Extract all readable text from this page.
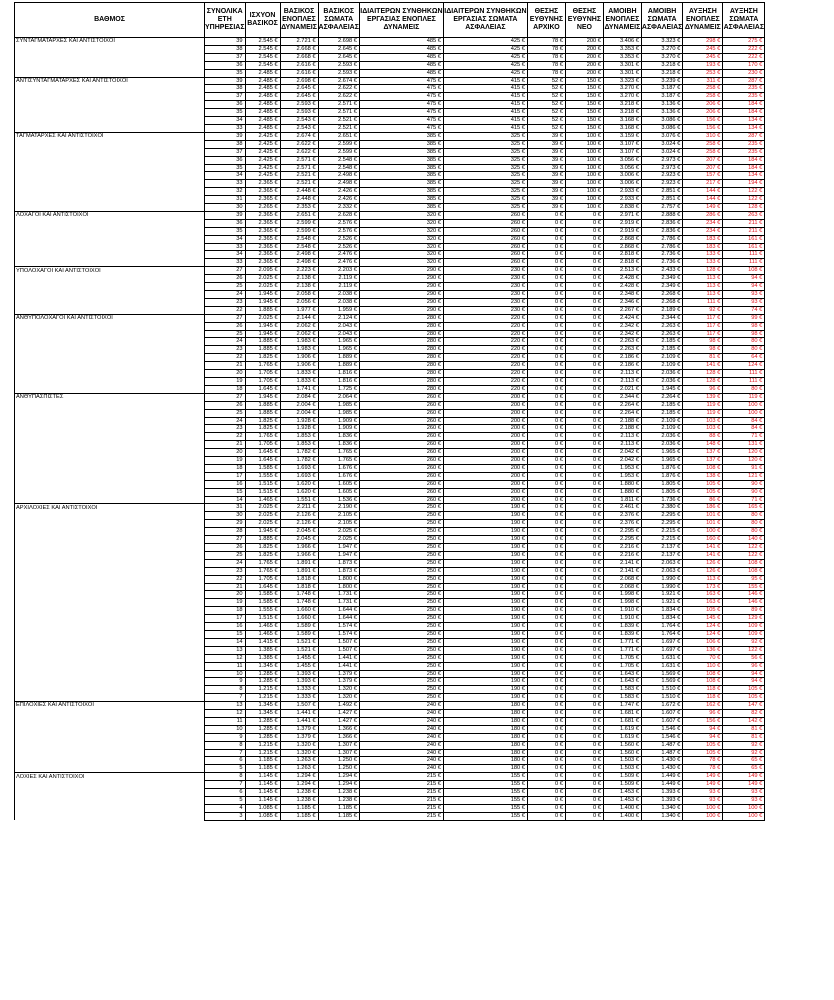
ΒΑΘΜΟΣ	ΣΥΝΟΛΙΚΑ ΕΤΗ ΥΠΗΡΕΣΙΑΣ	ΙΣΧΥΟΝ ΒΑΣΙΚΟΣ	ΒΑΣΙΚΟΣ ΕΝΟΠΛΕΣ ΔΥΝΑΜΕΙΣ	ΒΑΣΙΚΟΣ ΣΩΜΑΤΑ ΑΣΦΑΛΕΙΑΣ	ΙΔΙΑΙΤΕΡΩΝ ΣΥΝΘΗΚΩΝ ΕΡΓΑΣΙΑΣ ΕΝΟΠΛΕΣ ΔΥΝΑΜΕΙΣ	ΙΔΙΑΙΤΕΡΩΝ ΣΥΝΘΗΚΩΝ ΕΡΓΑΣΙΑΣ ΣΩΜΑΤΑ ΑΣΦΑΛΕΙΑΣ	ΘΕΣΗΣ ΕΥΘΥΝΗΣ ΑΡΧΙΚΟ	ΘΕΣΗΣ ΕΥΘΥΝΗΣ ΝΕΟ	ΑΜΟΙΒΗ ΕΝΟΠΛΕΣ ΔΥΝΑΜΕΙΣ	ΑΜΟΙΒΗ ΣΩΜΑΤΑ ΑΣΦΑΛΕΙΑΣ	ΑΥΞΗΣΗ ΕΝΟΠΛΕΣ ΔΥΝΑΜΕΙΣ	ΑΥΞΗΣΗ ΣΩΜΑΤΑ ΑΣΦΑΛΕΙΑΣ
ΣΥΝΤΑΓΜΑΤΑΡΧΕΣ ΚΑΙ ΑΝΤΙΣΤΟΙΧΟΙ	39	2.545 €	2.721 €	2.698 €	485 €	425 €	78 €	200 €	3.406 €	3.323 €	298 €	275 €
	38	2.545 €	2.668 €	2.645 €	485 €	425 €	78 €	200 €	3.353 €	3.270 €	245 €	222 €
	37	2.545 €	2.668 €	2.645 €	485 €	425 €	78 €	200 €	3.353 €	3.270 €	245 €	222 €
	36	2.545 €	2.616 €	2.593 €	485 €	425 €	78 €	200 €	3.301 €	3.218 €	193 €	170 €
	35	2.485 €	2.616 €	2.593 €	485 €	425 €	78 €	200 €	3.301 €	3.218 €	253 €	230 €
ΑΝΤΙΣΥΝΤΑΓΜΑΤΑΡΧΕΣ ΚΑΙ ΑΝΤΙΣΤΟΙΧΟΙ	39	2.485 €	2.698 €	2.674 €	475 €	415 €	52 €	150 €	3.323 €	3.239 €	311 €	287 €
	38	2.485 €	2.645 €	2.622 €	475 €	415 €	52 €	150 €	3.270 €	3.187 €	258 €	235 €
	37	2.485 €	2.645 €	2.622 €	475 €	415 €	52 €	150 €	3.270 €	3.187 €	258 €	235 €
	36	2.485 €	2.593 €	2.571 €	475 €	415 €	52 €	150 €	3.218 €	3.136 €	206 €	184 €
	35	2.485 €	2.593 €	2.571 €	475 €	415 €	52 €	150 €	3.218 €	3.136 €	206 €	184 €
	34	2.485 €	2.543 €	2.521 €	475 €	415 €	52 €	150 €	3.168 €	3.086 €	156 €	134 €
	33	2.485 €	2.543 €	2.521 €	475 €	415 €	52 €	150 €	3.168 €	3.086 €	156 €	134 €
ΤΑΓΜΑΤΑΡΧΕΣ ΚΑΙ ΑΝΤΙΣΤΟΙΧΟΙ	39	2.425 €	2.674 €	2.651 €	385 €	325 €	39 €	100 €	3.159 €	3.076 €	310 €	287 €
	38	2.425 €	2.622 €	2.599 €	385 €	325 €	39 €	100 €	3.107 €	3.024 €	258 €	235 €
	37	2.425 €	2.622 €	2.599 €	385 €	325 €	39 €	100 €	3.107 €	3.024 €	258 €	235 €
	36	2.425 €	2.571 €	2.548 €	385 €	325 €	39 €	100 €	3.056 €	2.973 €	207 €	184 €
	35	2.425 €	2.571 €	2.548 €	385 €	325 €	39 €	100 €	3.056 €	2.973 €	207 €	184 €
	34	2.425 €	2.521 €	2.498 €	385 €	325 €	39 €	100 €	3.006 €	2.923 €	157 €	134 €
	33	2.365 €	2.521 €	2.498 €	385 €	325 €	39 €	100 €	3.006 €	2.923 €	217 €	194 €
	32	2.365 €	2.448 €	2.426 €	385 €	325 €	39 €	100 €	2.933 €	2.851 €	144 €	122 €
	31	2.365 €	2.448 €	2.426 €	385 €	325 €	39 €	100 €	2.933 €	2.851 €	144 €	122 €
	30	2.265 €	2.353 €	2.332 €	385 €	325 €	39 €	100 €	2.838 €	2.757 €	149 €	128 €
ΛΟΧΑΓΟΙ ΚΑΙ ΑΝΤΙΣΤΟΙΧΟΙ	39	2.365 €	2.651 €	2.628 €	320 €	260 €	0 €	0 €	2.971 €	2.888 €	286 €	263 €
	36	2.365 €	2.599 €	2.576 €	320 €	260 €	0 €	0 €	2.919 €	2.836 €	234 €	211 €
	35	2.365 €	2.599 €	2.576 €	320 €	260 €	0 €	0 €	2.919 €	2.836 €	234 €	211 €
	34	2.365 €	2.548 €	2.526 €	320 €	260 €	0 €	0 €	2.868 €	2.786 €	183 €	161 €
	33	2.365 €	2.548 €	2.526 €	320 €	260 €	0 €	0 €	2.868 €	2.786 €	183 €	161 €
	34	2.365 €	2.498 €	2.476 €	320 €	260 €	0 €	0 €	2.818 €	2.736 €	133 €	111 €
	33	2.365 €	2.498 €	2.476 €	320 €	260 €	0 €	0 €	2.818 €	2.736 €	133 €	111 €
ΥΠΟΛΟΧΑΓΟΙ ΚΑΙ ΑΝΤΙΣΤΟΙΧΟΙ	27	2.095 €	2.223 €	2.203 €	290 €	230 €	0 €	0 €	2.513 €	2.433 €	128 €	108 €
	26	2.025 €	2.138 €	2.119 €	290 €	230 €	0 €	0 €	2.428 €	2.349 €	113 €	94 €
	25	2.025 €	2.138 €	2.119 €	290 €	230 €	0 €	0 €	2.428 €	2.349 €	113 €	94 €
	24	1.945 €	2.058 €	2.038 €	290 €	230 €	0 €	0 €	2.348 €	2.268 €	113 €	93 €
	23	1.945 €	2.056 €	2.038 €	290 €	230 €	0 €	0 €	2.346 €	2.268 €	111 €	93 €
	22	1.885 €	1.977 €	1.959 €	290 €	230 €	0 €	0 €	2.267 €	2.189 €	92 €	74 €
ΑΝΘΥΠΟΛΟΧΑΓΟΙ ΚΑΙ ΑΝΤΙΣΤΟΙΧΟΙ	27	2.025 €	2.144 €	2.124 €	280 €	220 €	0 €	0 €	2.424 €	2.344 €	117 €	99 €
	26	1.945 €	2.062 €	2.043 €	280 €	220 €	0 €	0 €	2.342 €	2.263 €	117 €	98 €
	25	1.945 €	2.062 €	2.043 €	280 €	220 €	0 €	0 €	2.342 €	2.263 €	117 €	98 €
	24	1.885 €	1.983 €	1.965 €	280 €	220 €	0 €	0 €	2.263 €	2.185 €	98 €	80 €
	23	1.885 €	1.983 €	1.965 €	280 €	220 €	0 €	0 €	2.263 €	2.185 €	98 €	80 €
	22	1.825 €	1.906 €	1.889 €	280 €	220 €	0 €	0 €	2.186 €	2.109 €	81 €	64 €
	21	1.765 €	1.906 €	1.889 €	280 €	220 €	0 €	0 €	2.186 €	2.109 €	141 €	124 €
	20	1.705 €	1.833 €	1.816 €	280 €	220 €	0 €	0 €	2.113 €	2.036 €	128 €	111 €
	19	1.705 €	1.833 €	1.816 €	280 €	220 €	0 €	0 €	2.113 €	2.036 €	128 €	111 €
	18	1.645 €	1.741 €	1.725 €	280 €	220 €	0 €	0 €	2.021 €	1.945 €	96 €	80 €
ΑΝΘΥΠΑΣΠΙΣΤΕΣ	27	1.945 €	2.084 €	2.064 €	260 €	200 €	0 €	0 €	2.344 €	2.264 €	139 €	119 €
	26	1.885 €	2.004 €	1.985 €	260 €	200 €	0 €	0 €	2.264 €	2.185 €	119 €	100 €
	25	1.885 €	2.004 €	1.985 €	260 €	200 €	0 €	0 €	2.264 €	2.185 €	119 €	100 €
	24	1.825 €	1.928 €	1.909 €	260 €	200 €	0 €	0 €	2.188 €	2.109 €	103 €	84 €
	23	1.825 €	1.928 €	1.909 €	260 €	200 €	0 €	0 €	2.188 €	2.109 €	103 €	84 €
	22	1.765 €	1.853 €	1.836 €	260 €	200 €	0 €	0 €	2.113 €	2.036 €	88 €	71 €
	21	1.705 €	1.853 €	1.836 €	260 €	200 €	0 €	0 €	2.113 €	2.036 €	148 €	131 €
	20	1.645 €	1.782 €	1.765 €	260 €	200 €	0 €	0 €	2.042 €	1.965 €	137 €	120 €
	19	1.645 €	1.782 €	1.765 €	260 €	200 €	0 €	0 €	2.042 €	1.965 €	137 €	120 €
	18	1.585 €	1.693 €	1.676 €	260 €	200 €	0 €	0 €	1.953 €	1.876 €	108 €	91 €
	17	1.555 €	1.693 €	1.676 €	260 €	200 €	0 €	0 €	1.953 €	1.876 €	138 €	121 €
	16	1.515 €	1.620 €	1.605 €	260 €	200 €	0 €	0 €	1.880 €	1.805 €	105 €	90 €
	15	1.515 €	1.620 €	1.605 €	260 €	200 €	0 €	0 €	1.880 €	1.805 €	105 €	90 €
	14	1.465 €	1.551 €	1.536 €	260 €	200 €	0 €	0 €	1.811 €	1.736 €	86 €	71 €
ΑΡΧΙΛΟΧΙΕΣ ΚΑΙ ΑΝΤΙΣΤΟΙΧΟΙ	31	2.025 €	2.211 €	2.190 €	250 €	190 €	0 €	0 €	2.461 €	2.380 €	186 €	165 €
	30	2.025 €	2.126 €	2.105 €	250 €	190 €	0 €	0 €	2.376 €	2.295 €	101 €	80 €
	29	2.025 €	2.126 €	2.105 €	250 €	190 €	0 €	0 €	2.376 €	2.295 €	101 €	80 €
	28	1.945 €	2.045 €	2.025 €	250 €	190 €	0 €	0 €	2.295 €	2.215 €	100 €	80 €
	27	1.885 €	2.045 €	2.025 €	250 €	190 €	0 €	0 €	2.295 €	2.215 €	160 €	140 €
	26	1.825 €	1.966 €	1.947 €	250 €	190 €	0 €	0 €	2.216 €	2.137 €	141 €	122 €
	25	1.825 €	1.966 €	1.947 €	250 €	190 €	0 €	0 €	2.216 €	2.137 €	141 €	122 €
	24	1.765 €	1.891 €	1.873 €	250 €	190 €	0 €	0 €	2.141 €	2.063 €	126 €	108 €
	23	1.765 €	1.891 €	1.873 €	250 €	190 €	0 €	0 €	2.141 €	2.063 €	126 €	108 €
	22	1.705 €	1.818 €	1.800 €	250 €	190 €	0 €	0 €	2.068 €	1.990 €	113 €	95 €
	21	1.645 €	1.818 €	1.800 €	250 €	190 €	0 €	0 €	2.068 €	1.990 €	173 €	155 €
	20	1.585 €	1.748 €	1.731 €	250 €	190 €	0 €	0 €	1.998 €	1.921 €	163 €	146 €
	19	1.585 €	1.748 €	1.731 €	250 €	190 €	0 €	0 €	1.998 €	1.921 €	163 €	146 €
	18	1.555 €	1.660 €	1.644 €	250 €	190 €	0 €	0 €	1.910 €	1.834 €	105 €	89 €
	17	1.515 €	1.660 €	1.644 €	250 €	190 €	0 €	0 €	1.910 €	1.834 €	145 €	129 €
	16	1.465 €	1.589 €	1.574 €	250 €	190 €	0 €	0 €	1.839 €	1.764 €	124 €	109 €
	15	1.465 €	1.589 €	1.574 €	250 €	190 €	0 €	0 €	1.839 €	1.764 €	124 €	109 €
	14	1.415 €	1.521 €	1.507 €	250 €	190 €	0 €	0 €	1.771 €	1.697 €	106 €	92 €
	13	1.385 €	1.521 €	1.507 €	250 €	190 €	0 €	0 €	1.771 €	1.697 €	136 €	122 €
	12	1.385 €	1.455 €	1.441 €	250 €	190 €	0 €	0 €	1.705 €	1.631 €	70 €	56 €
	11	1.345 €	1.455 €	1.441 €	250 €	190 €	0 €	0 €	1.705 €	1.631 €	110 €	96 €
	10	1.285 €	1.393 €	1.379 €	250 €	190 €	0 €	0 €	1.643 €	1.569 €	108 €	94 €
	9	1.285 €	1.393 €	1.379 €	250 €	190 €	0 €	0 €	1.643 €	1.569 €	108 €	94 €
	8	1.215 €	1.333 €	1.320 €	250 €	190 €	0 €	0 €	1.583 €	1.510 €	118 €	105 €
	7	1.215 €	1.333 €	1.320 €	250 €	190 €	0 €	0 €	1.583 €	1.510 €	118 €	105 €
ΕΠΙΛΟΧΙΕΣ ΚΑΙ ΑΝΤΙΣΤΟΙΧΟΙ	13	1.345 €	1.507 €	1.492 €	240 €	180 €	0 €	0 €	1.747 €	1.672 €	162 €	147 €
	12	1.345 €	1.441 €	1.427 €	240 €	180 €	0 €	0 €	1.681 €	1.607 €	96 €	82 €
	11	1.285 €	1.441 €	1.427 €	240 €	180 €	0 €	0 €	1.681 €	1.607 €	156 €	142 €
	10	1.285 €	1.379 €	1.366 €	240 €	180 €	0 €	0 €	1.619 €	1.546 €	94 €	81 €
	9	1.285 €	1.379 €	1.366 €	240 €	180 €	0 €	0 €	1.619 €	1.546 €	94 €	81 €
	8	1.215 €	1.320 €	1.307 €	240 €	180 €	0 €	0 €	1.560 €	1.487 €	105 €	92 €
	7	1.215 €	1.320 €	1.307 €	240 €	180 €	0 €	0 €	1.560 €	1.487 €	105 €	92 €
	6	1.185 €	1.263 €	1.250 €	240 €	180 €	0 €	0 €	1.503 €	1.430 €	78 €	65 €
	5	1.185 €	1.263 €	1.250 €	240 €	180 €	0 €	0 €	1.503 €	1.430 €	78 €	65 €
ΛΟΧΙΕΣ ΚΑΙ ΑΝΤΙΣΤΟΙΧΟΙ	8	1.145 €	1.294 €	1.294 €	215 €	155 €	0 €	0 €	1.509 €	1.449 €	149 €	149 €
	7	1.145 €	1.294 €	1.294 €	215 €	155 €	0 €	0 €	1.509 €	1.449 €	149 €	149 €
	6	1.145 €	1.238 €	1.238 €	215 €	155 €	0 €	0 €	1.453 €	1.393 €	93 €	93 €
	5	1.145 €	1.238 €	1.238 €	215 €	155 €	0 €	0 €	1.453 €	1.393 €	93 €	93 €
	4	1.085 €	1.185 €	1.185 €	215 €	155 €	0 €	0 €	1.400 €	1.340 €	100 €	100 €
	3	1.085 €	1.185 €	1.185 €	215 €	155 €	0 €	0 €	1.400 €	1.340 €	100 €	100 €
